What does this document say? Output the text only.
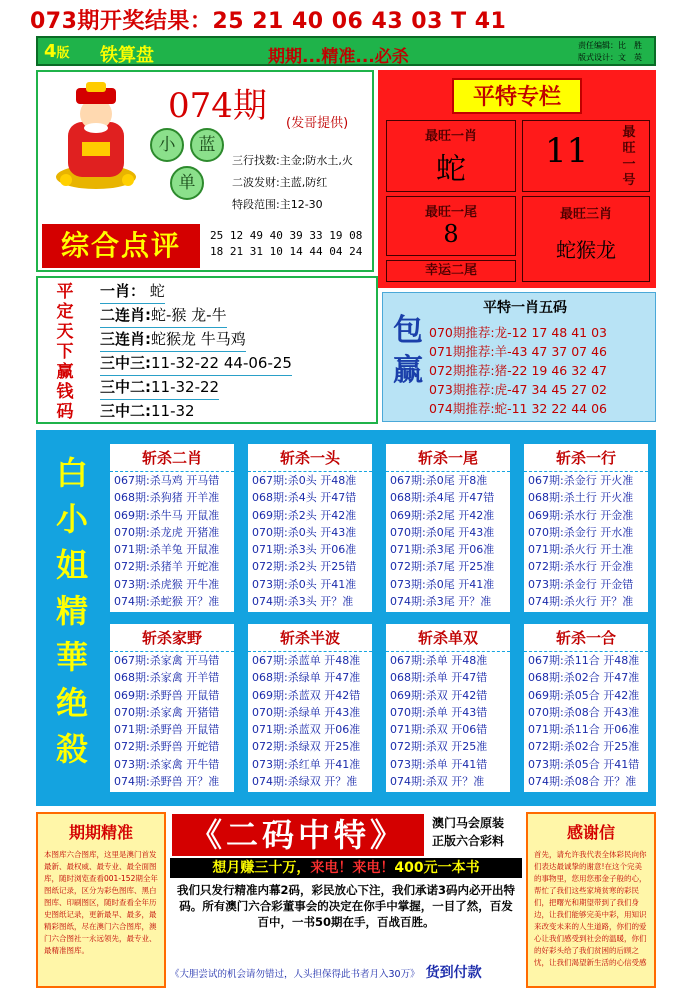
073期开奖结果：25 21 40 06 43 03 T 41
4版 铁算盘	期期...精准...必杀
责任编辑：比　胜
版式设计：文　英
074期 (发哥提供)
小	蓝
单
三行找数:主金;防水土,火
二波发财:主蓝,防红
特段范围:主12-30
综合点评	25 12 49 40 39 33 19 08
18 21 31 10 14 44 04 24
平特专栏
最旺一肖
蛇	11	最旺一号
最旺一尾
8
最旺三肖
蛇猴龙
幸运二尾
平
定
天
下
赢
钱
码
一肖： 蛇
二连肖:蛇-猴 龙-牛
三连肖:蛇猴龙 牛马鸡
三中三:11-32-22 44-06-25
三中二:11-32-22
三中二:11-32
包
赢
平特一肖五码
070期推荐:龙-12 17 48 41 03
071期推荐:羊-43 47 37 07 46
072期推荐:猪-22 19 46 32 47
073期推荐:虎-47 34 45 27 02
074期推荐:蛇-11 32 22 44 06
白
小
姐
精
華
绝
殺
斩杀二肖
067期:杀马鸡 开马错
068期:杀狗猪 开羊准
069期:杀牛马 开鼠准
070期:杀龙虎 开猪准
071期:杀羊兔 开鼠准
072期:杀猪羊 开蛇准
073期:杀虎猴 开牛准
074期:杀蛇猴 开？准
斩杀一头
067期:杀0头 开48准
068期:杀4头 开47错
069期:杀2头 开42准
070期:杀0头 开43准
071期:杀3头 开06准
072期:杀2头 开25错
073期:杀0头 开41准
074期:杀3头 开？准
斩杀一尾
067期:杀0尾 开8准
068期:杀4尾 开47错
069期:杀2尾 开42准
070期:杀0尾 开43准
071期:杀3尾 开06准
072期:杀7尾 开25准
073期:杀0尾 开41准
074期:杀3尾 开？准
斩杀一行
067期:杀金行 开火准
068期:杀土行 开火准
069期:杀水行 开金准
070期:杀金行 开水准
071期:杀火行 开土准
072期:杀水行 开金准
073期:杀金行 开金错
074期:杀火行 开？准
斩杀家野
067期:杀家禽 开马错
068期:杀家禽 开羊错
069期:杀野兽 开鼠错
070期:杀家禽 开猪错
071期:杀野兽 开鼠错
072期:杀野兽 开蛇错
073期:杀家禽 开牛错
074期:杀野兽 开？准
斩杀半波
067期:杀蓝单 开48准
068期:杀绿单 开47准
069期:杀蓝双 开42错
070期:杀绿单 开43准
071期:杀蓝双 开06准
072期:杀绿双 开25准
073期:杀红单 开41准
074期:杀绿双 开？准
斩杀单双
067期:杀单 开48准
068期:杀单 开47错
069期:杀双 开42错
070期:杀单 开43错
071期:杀双 开06错
072期:杀双 开25准
073期:杀单 开41错
074期:杀双 开？准
斩杀一合
067期:杀11合 开48准
068期:杀02合 开47准
069期:杀05合 开42准
070期:杀08合 开43准
071期:杀11合 开06准
072期:杀02合 开25准
073期:杀05合 开41错
074期:杀08合 开？准
期期精准
本图库六合图库，这里是澳门首发最新、最权威、最专业、最全面图库，随时浏览查看001-152期全年图纸记录，区分为彩色图库、黑白图库、印刷图区，随时查看全年历史图纸记录，更新最早、最多，最精彩图纸，尽在澳门六合图库，澳门六合图社一永远领先，最专业、最精准图库。
《二码中特》	澳门马会原装
正版六合彩料
想月赚三十万，来电！来电！400元一本书
我们只发行精准内幕2码，彩民放心下注，我们承诺3码内必开出特码。所有澳门六合彩董事会的决定在你手中掌握，一目了然，百发百中，一书50期在手，百战百胜。
《大胆尝试的机会请勿错过，人头担保得此书者月入30万》 货到付款
感谢信
首先，请允许我代表全体彩民向你们表达最诚挚的谢意!在这个完美的事物里，您用您那金子般的心，帮忙了我们这些家境贫寒的彩民们，把曙光和期望带到了我们身边，让我们能够完美中彩，用知识来改变未来的人生道路，你们的爱心让我们感受到社会的温暖，你们的好彩头给了我们贫困的后顾之忧，让我们渴望新生活的心信受感
